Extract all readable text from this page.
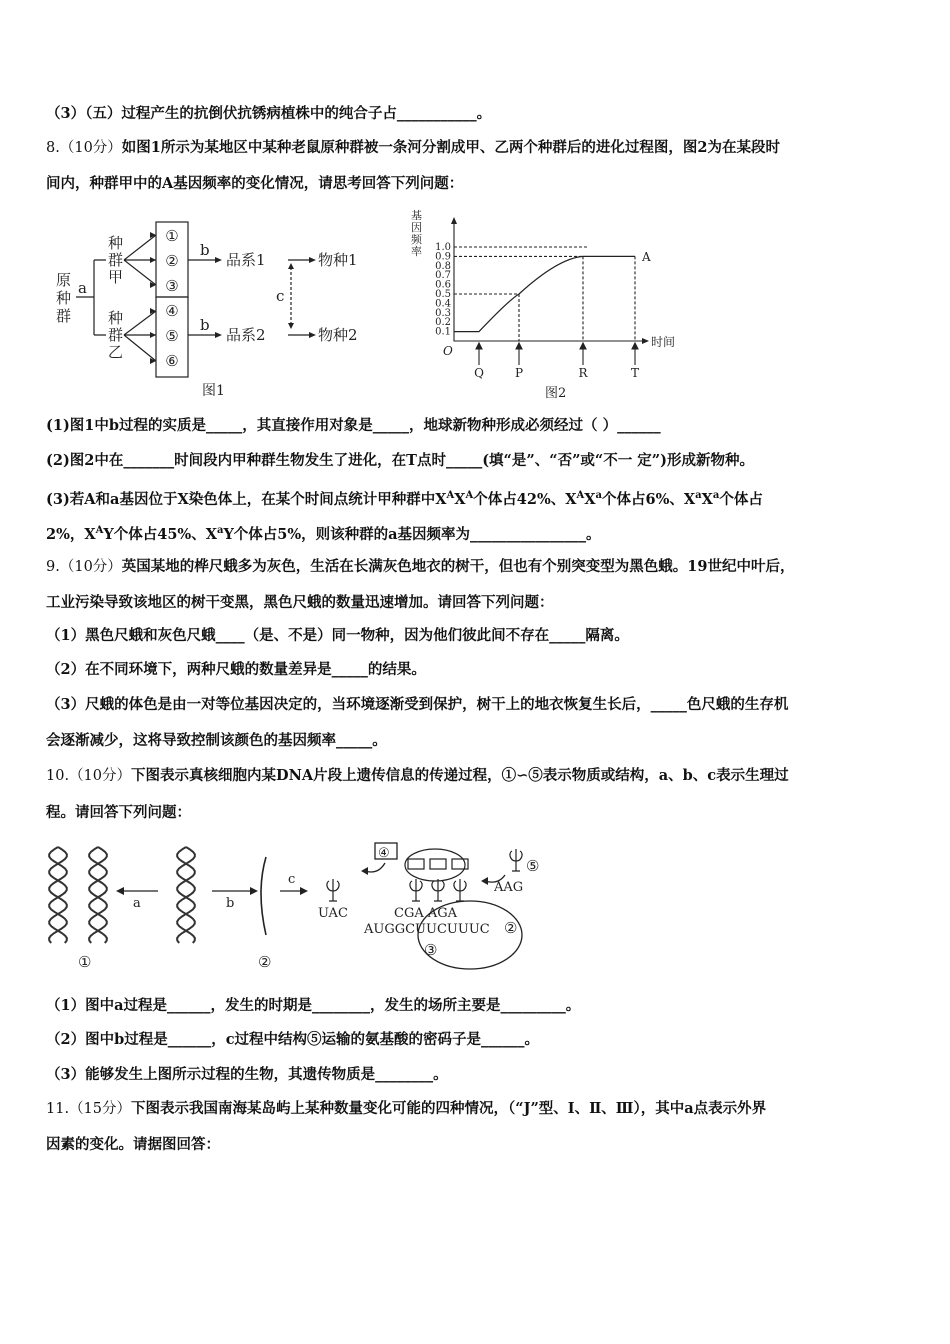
（3）（五）过程产生的抗倒伏抗锈病植株中的纯合子占___________。
8.（10分）如图1所示为某地区中某种老鼠原种群被一条河分割成甲、乙两个种群后的进化过程图，图2为在某段时
间内，种群甲中的A基因频率的变化情况，请思考回答下列问题：
原
种
群
a
种
群
甲
种
群
乙
①
②
③
④
⑤
⑥
b
b
品系1
品系2
物种1
物种2
c
图1
基
因
频
率 1.0
0.9
0.8
0.7
0.6
0.5
0.4
0.3
0.2
0.1
O
时间
A
Q	P	R	T
图2
(1)图1中b过程的实质是_____，其直接作用对象是_____，地球新物种形成必须经过（ ）______
(2)图2中在_______时间段内甲种群生物发生了进化，在T点时_____(填“是”、“否”或“不一 定”)形成新物种。
(3)若A和a基因位于X染色体上，在某个时间点统计甲种群中$X^AX^A$个体占42%、$X^AX^a$个体占6%、$X^aX^a$个体占
2%，$X^AY$个体占45%、$X^aY$个体占5%，则该种群的a基因频率为________________。
9.（10分）英国某地的桦尺蛾多为灰色，生活在长满灰色地衣的树干，但也有个别突变型为黑色蛾。19世纪中叶后，
工业污染导致该地区的树干变黑，黑色尺蛾的数量迅速增加。请回答下列问题：
（1）黑色尺蛾和灰色尺蛾____（是、不是）同一物种，因为他们彼此间不存在_____隔离。
（2）在不同环境下，两种尺蛾的数量差异是_____的结果。
（3）尺蛾的体色是由一对等位基因决定的，当环境逐渐受到保护，树干上的地衣恢复生长后，_____色尺蛾的生存机
会逐渐减少，这将导致控制该颜色的基因频率_____。
10.（10分）下图表示真核细胞内某DNA片段上遗传信息的传递过程，①∽⑤表示物质或结构，a、b、c表示生理过
程。请回答下列问题：
a	b
c
①	②
③
④
⑤
UAC	CGA AGA
AAG
AUGGCUUCUUUC ②
（1）图中a过程是______，发生的时期是________，发生的场所主要是_________。
（2）图中b过程是______，c过程中结构⑤运输的氨基酸的密码子是______。
（3）能够发生上图所示过程的生物，其遗传物质是________。
11.（15分）下图表示我国南海某岛屿上某种数量变化可能的四种情况，（“J”型、Ⅰ、Ⅱ、Ⅲ），其中a点表示外界
因素的变化。请据图回答：
